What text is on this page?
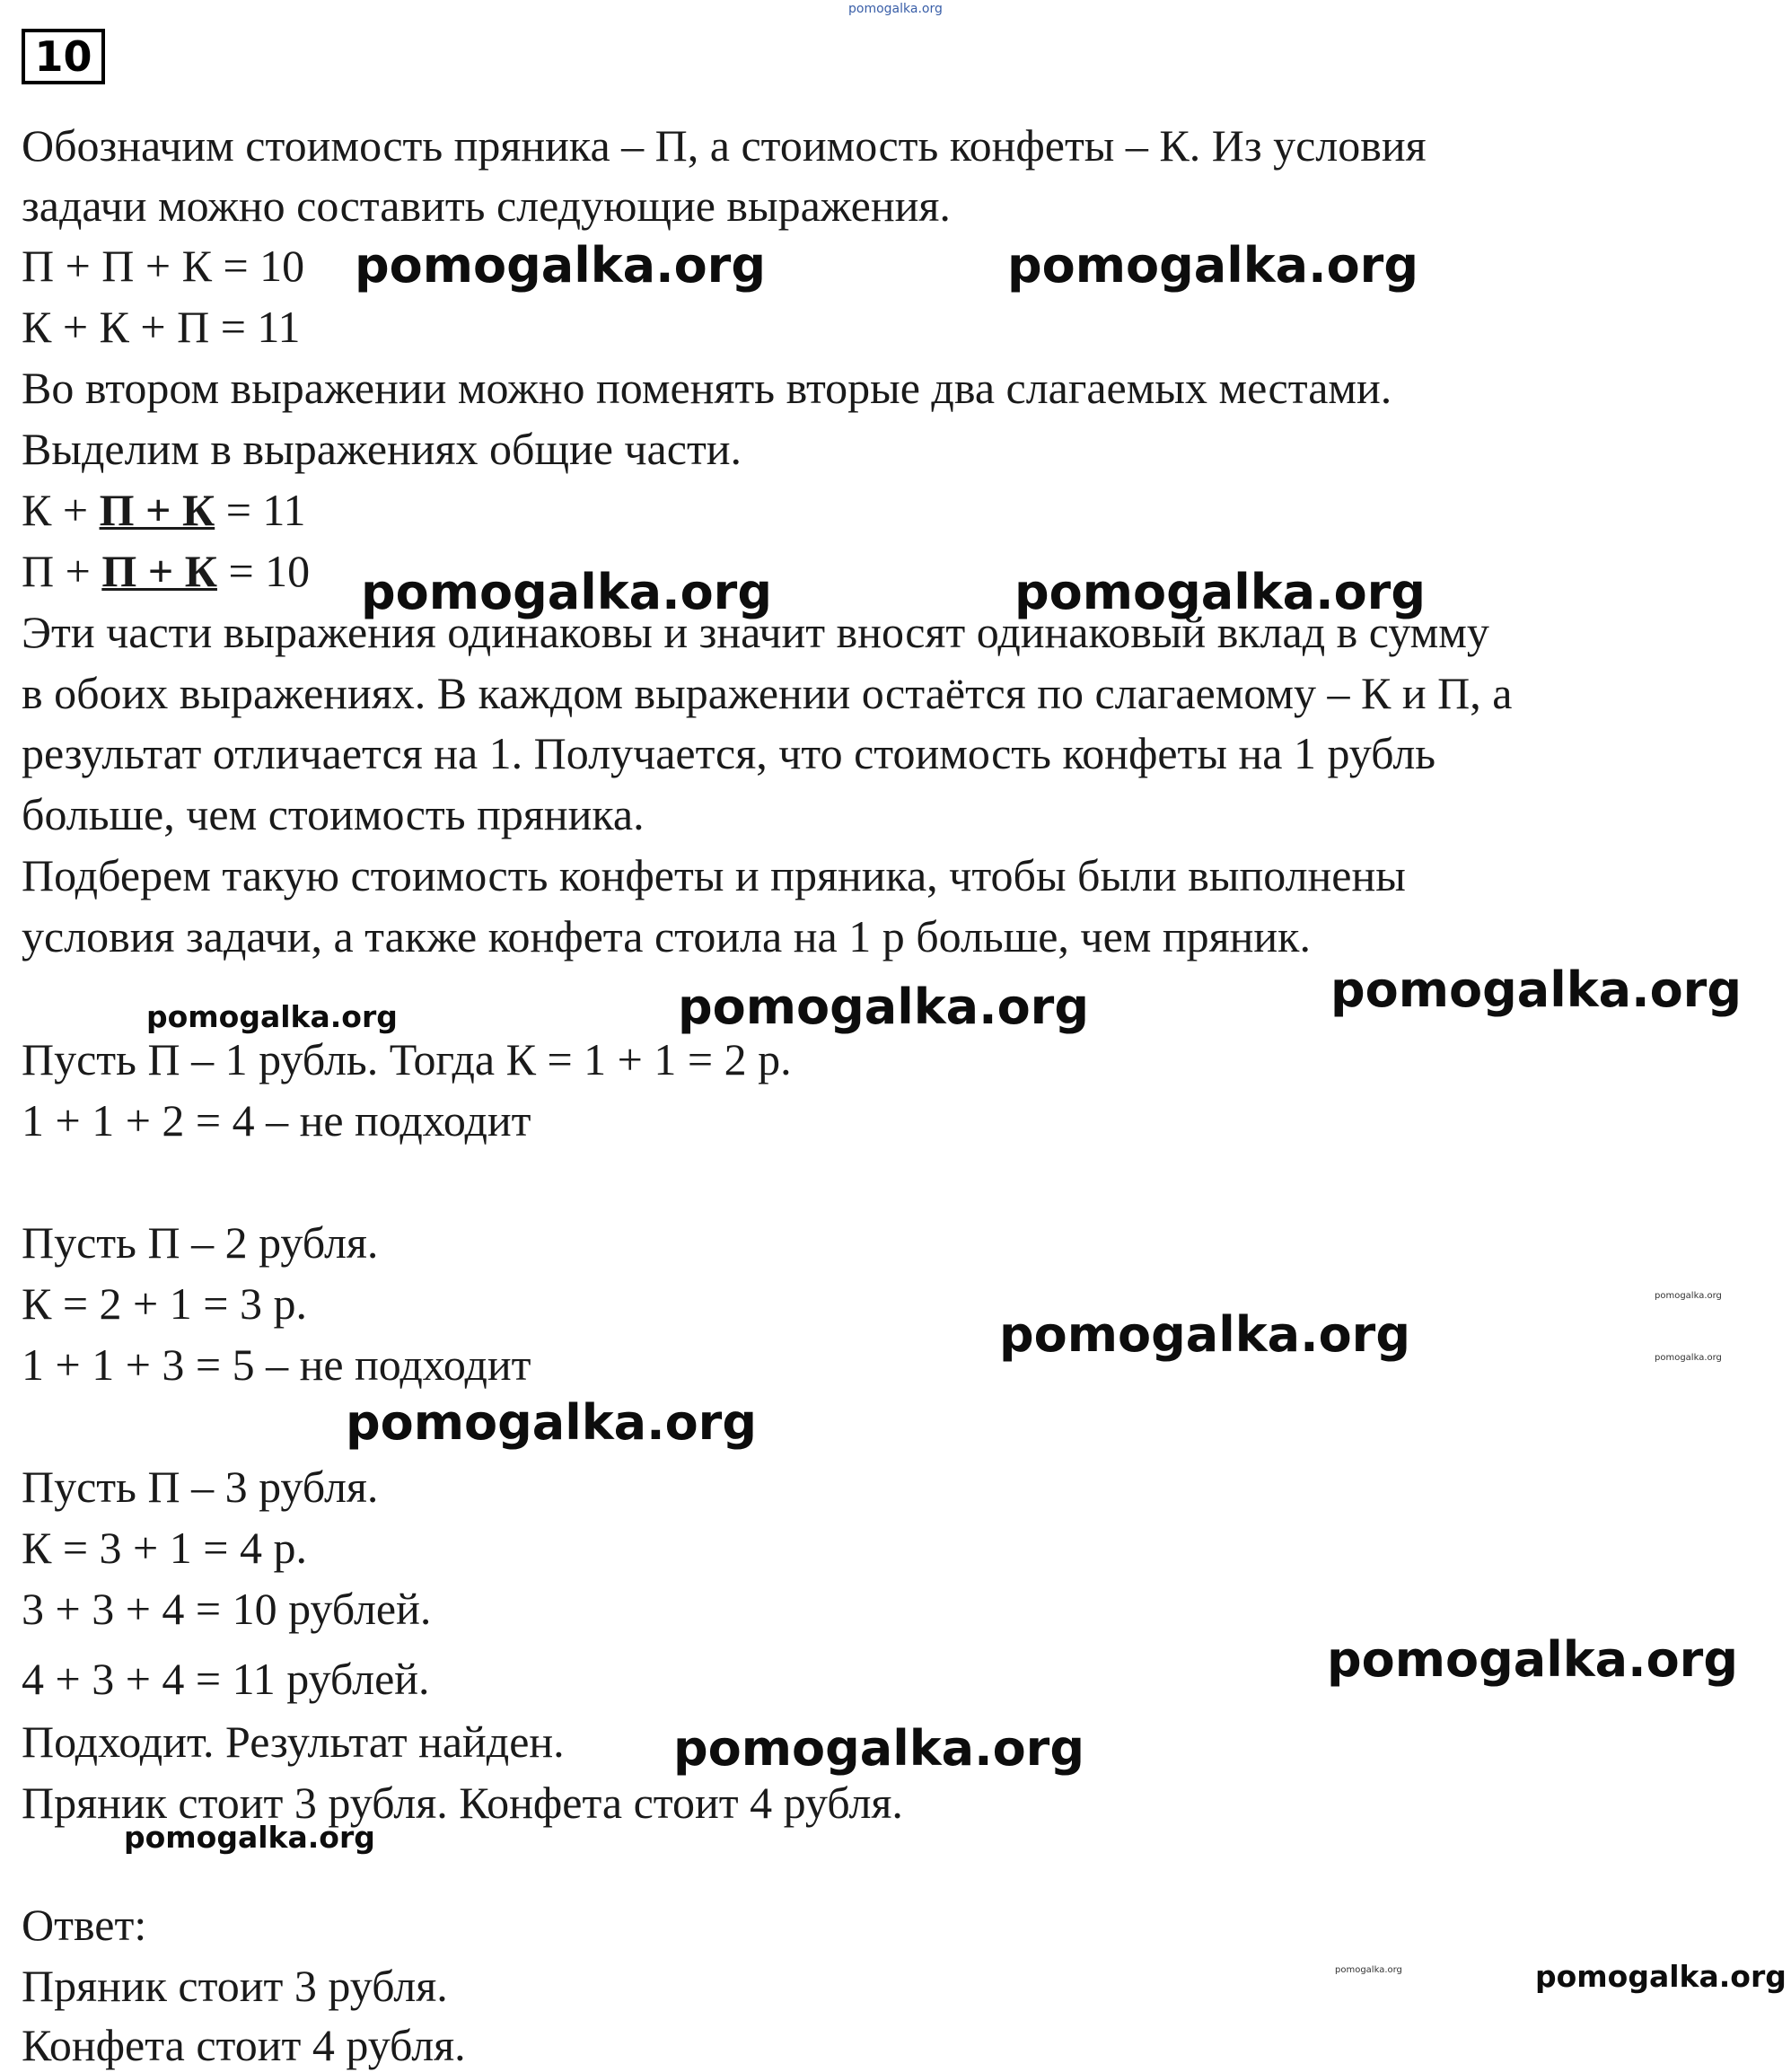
10
Обозначим стоимость пряника – П, а стоимость конфеты – К. Из условия
задачи можно составить следующие выражения.
П + П + К = 10
К + К + П = 11
Во втором выражении можно поменять вторые два слагаемых местами.
Выделим в выражениях общие части.
К + П + К = 11
П + П + К = 10
Эти части выражения одинаковы и значит вносят одинаковый вклад в сумму
в обоих выражениях. В каждом выражении остаётся по слагаемому – К и П, а
результат отличается на 1. Получается, что стоимость конфеты на 1 рубль
больше, чем стоимость пряника.
Подберем такую стоимость конфеты и пряника, чтобы были выполнены
условия задачи, а также конфета стоила на 1 р больше, чем пряник.
Пусть П – 1 рубль. Тогда К = 1 + 1 = 2 р.
1 + 1 + 2 = 4 – не подходит
Пусть П – 2 рубля.
К = 2 + 1 = 3 р.
1 + 1 + 3 = 5 – не подходит
Пусть П – 3 рубля.
К = 3 + 1 = 4 р.
3 + 3 + 4 = 10 рублей.
4 + 3 + 4 = 11 рублей.
Подходит. Результат найден.
Пряник стоит 3 рубля. Конфета стоит 4 рубля.
Ответ:
Пряник стоит 3 рубля.
Конфета стоит 4 рубля.
pomogalka.org
pomogalka.org	pomogalka.org
pomogalka.org	pomogalka.org
pomogalka.org	pomogalka.org	pomogalka.org
pomogalka.org
pomogalka.org	pomogalka.org
pomogalka.org
pomogalka.org
pomogalka.org
pomogalka.org
pomogalka.org	pomogalka.org
